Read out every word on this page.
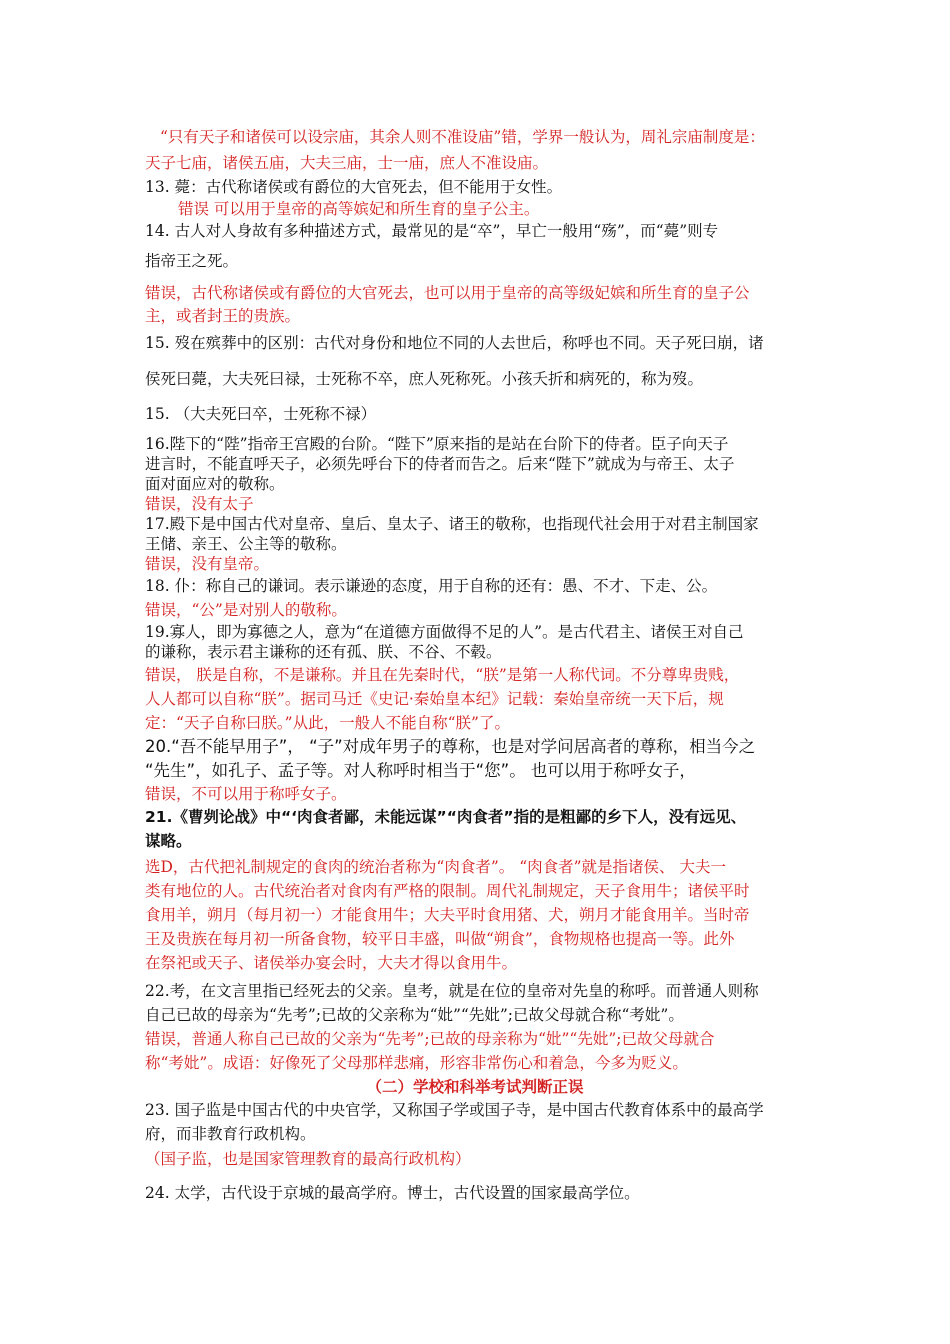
“只有天子和诸侯可以设宗庙，其余人则不准设庙”错，学界一般认为，周礼宗庙制度是：
天子七庙，诸侯五庙，大夫三庙，士一庙，庶人不准设庙。
13. 薨：古代称诸侯或有爵位的大官死去，但不能用于女性。
错误 可以用于皇帝的高等嫔妃和所生育的皇子公主。
14. 古人对人身故有多种描述方式，最常见的是“卒”，早亡一般用“殇”，而“薨”则专
指帝王之死。
错误，古代称诸侯或有爵位的大官死去，也可以用于皇帝的高等级妃嫔和所生育的皇子公
主，或者封王的贵族。
15. 歿在殡葬中的区别：古代对身份和地位不同的人去世后，称呼也不同。天子死曰崩，诸
侯死曰薨，大夫死曰禄，士死称不卒，庶人死称死。小孩夭折和病死的，称为歿。
15. （大夫死曰卒，士死称不禄）
16.陛下的“陛”指帝王宫殿的台阶。“陛下”原来指的是站在台阶下的侍者。臣子向天子
进言时，不能直呼天子，必须先呼台下的侍者而告之。后来“陛下”就成为与帝王、太子
面对面应对的敬称。
错误，没有太子
17.殿下是中国古代对皇帝、皇后、皇太子、诸王的敬称，也指现代社会用于对君主制国家
王储、亲王、公主等的敬称。
错误，没有皇帝。
18. 仆：称自己的谦词。表示谦逊的态度，用于自称的还有：愚、不才、下走、公。
错误，“公”是对别人的敬称。
19.寡人，即为寡德之人，意为“在道德方面做得不足的人”。是古代君主、诸侯王对自己
的谦称，表示君主谦称的还有孤、朕、不谷、不毂。
错误， 朕是自称，不是谦称。并且在先秦时代，“朕”是第一人称代词。不分尊卑贵贱，
人人都可以自称“朕”。据司马迁《史记·秦始皇本纪》记载：秦始皇帝统一天下后，规
定：“天子自称曰朕。”从此，一般人不能自称“朕”了。
20.“吾不能早用子”， “子”对成年男子的尊称，也是对学问居高者的尊称，相当今之
“先生”，如孔子、孟子等。对人称呼时相当于“您”。 也可以用于称呼女子，
错误，不可以用于称呼女子。
21.《曹刿论战》中“‘肉食者鄙，未能远谋”“肉食者”指的是粗鄙的乡下人，没有远见、
谋略。
选D，古代把礼制规定的食肉的统治者称为“肉食者”。 “肉食者”就是指诸侯、 大夫一
类有地位的人。古代统治者对食肉有严格的限制。周代礼制规定，天子食用牛；诸侯平时
食用羊，朔月（每月初一）才能食用牛；大夫平时食用猪、犬，朔月才能食用羊。当时帝
王及贵族在每月初一所备食物，较平日丰盛，叫做“朔食”，食物规格也提高一等。此外
在祭祀或天子、诸侯举办宴会时，大夫才得以食用牛。
22.考，在文言里指已经死去的父亲。皇考，就是在位的皇帝对先皇的称呼。而普通人则称
自己已故的母亲为“先考”;已故的父亲称为“妣”“先妣”;已故父母就合称“考妣”。
错误，普通人称自己已故的父亲为“先考”;已故的母亲称为“妣”“先妣”;已故父母就合
称“考妣”。成语：好像死了父母那样悲痛，形容非常伤心和着急，今多为贬义。
（二）学校和科举考试判断正误
23. 国子监是中国古代的中央官学，又称国子学或国子寺，是中国古代教育体系中的最高学
府，而非教育行政机构。
（国子监，也是国家管理教育的最高行政机构）
24. 太学，古代设于京城的最高学府。博士，古代设置的国家最高学位。
